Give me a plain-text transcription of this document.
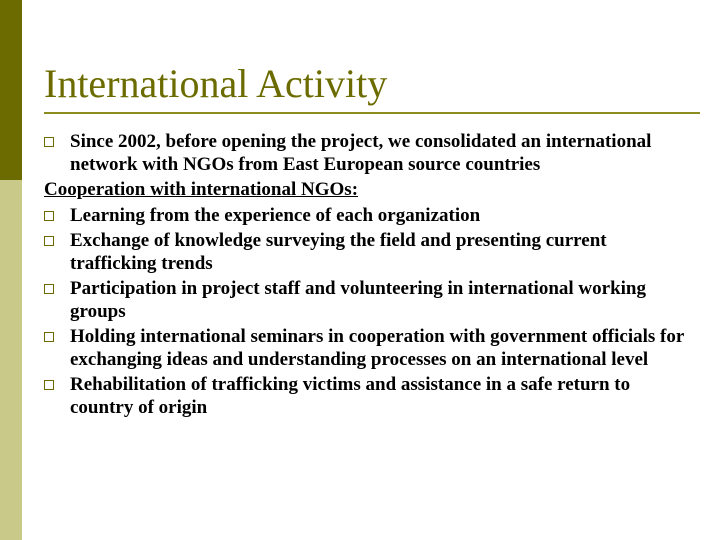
International Activity
Since 2002, before opening the project, we consolidated an international network with NGOs from East European source countries
Cooperation with international NGOs:
Learning from the experience of each organization
Exchange of knowledge surveying the field and presenting current trafficking trends
Participation in project staff and volunteering in international working groups
Holding international seminars in cooperation with government officials for exchanging ideas and understanding processes on an international level
Rehabilitation of trafficking victims and assistance in a safe return to country of origin
